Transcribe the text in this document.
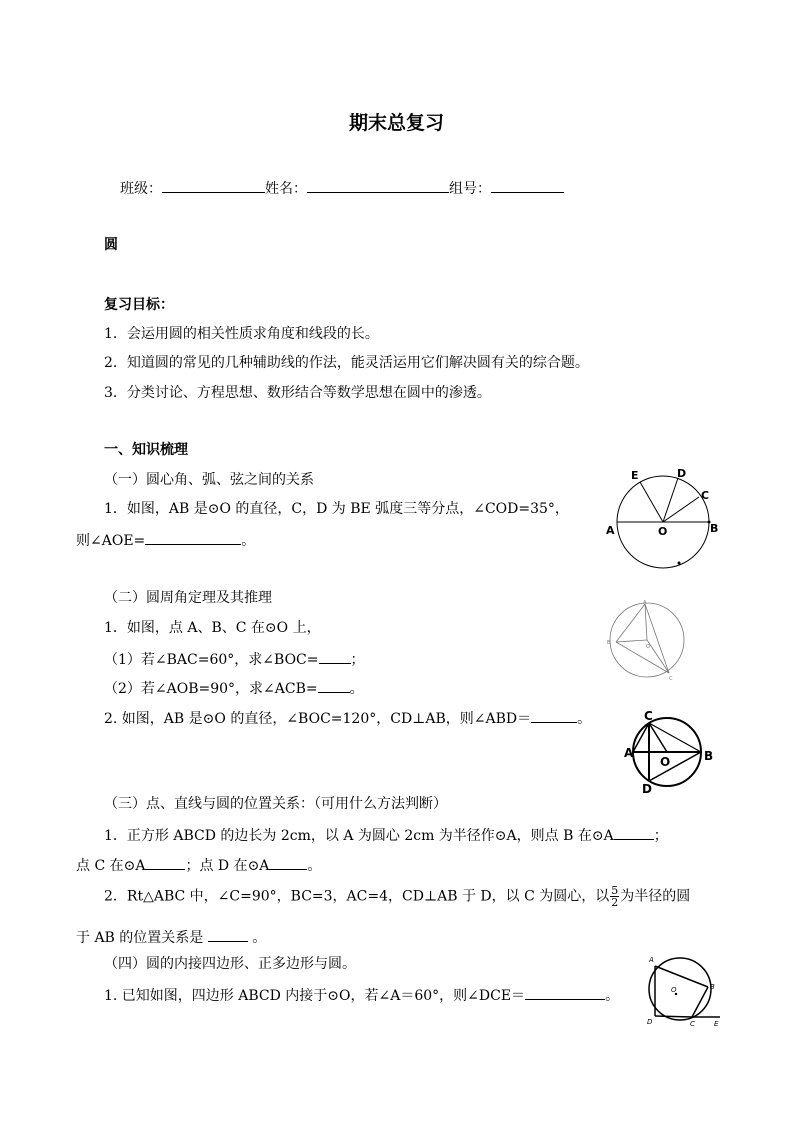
期末总复习
班级：	姓名：	组号：
圆
复习目标：
1．会运用圆的相关性质求角度和线段的长。
2．知道圆的常见的几种辅助线的作法，能灵活运用它们解决圆有关的综合题。
3．分类讨论、方程思想、数形结合等数学思想在圆中的渗透。
一、知识梳理
（一）圆心角、弧、弦之间的关系
1．如图，AB 是⊙O 的直径，C，D 为 BE 弧度三等分点，∠COD=35°，
则∠AOE=	。
E	D
C
A	O	B
（二）圆周角定理及其推理
1．如图，点 A、B、C 在⊙O 上，
（1）若∠BAC=60°，求∠BOC= ；
（2）若∠AOB=90°，求∠ACB= 。
2. 如图，AB 是⊙O 的直径，∠BOC=120°，CD⊥AB，则∠ABD＝	。
A
B
O
C
C
A
O	B
D
（三）点、直线与圆的位置关系：（可用什么方法判断）
1．正方形 ABCD 的边长为 2cm，以 A 为圆心 2cm 为半径作⊙A，则点 B 在⊙A	；
点 C 在⊙A	；点 D 在⊙A	。
2．Rt△ABC 中，∠C=90°，BC=3，AC=4，CD⊥AB 于 D，以 C 为圆心，以 $\frac{5}{2}$ 为半径的圆
于 AB 的位置关系是	。
（四）圆的内接四边形、正多边形与圆。
1. 已知如图，四边形 ABCD 内接于⊙O，若∠A＝60°，则∠DCE＝	。
A
B
C
D	E
O
